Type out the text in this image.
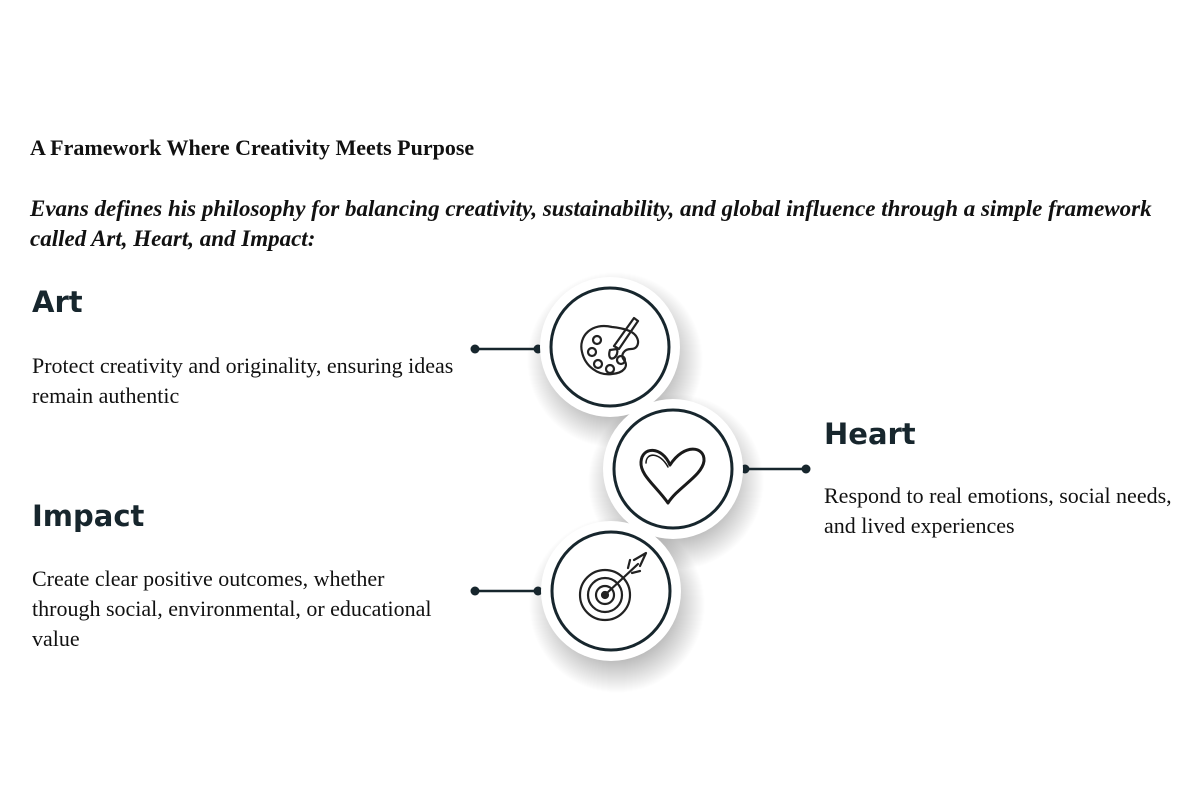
A Framework Where Creativity Meets Purpose

Evans defines his philosophy for balancing creativity, sustainability, and global influence through a simple framework called Art, Heart, and Impact:

Art

Protect creativity and originality, ensuring ideas remain authentic

Heart

Respond to real emotions, social needs, and lived experiences

Impact

Create clear positive outcomes, whether through social, environmental, or educational value
